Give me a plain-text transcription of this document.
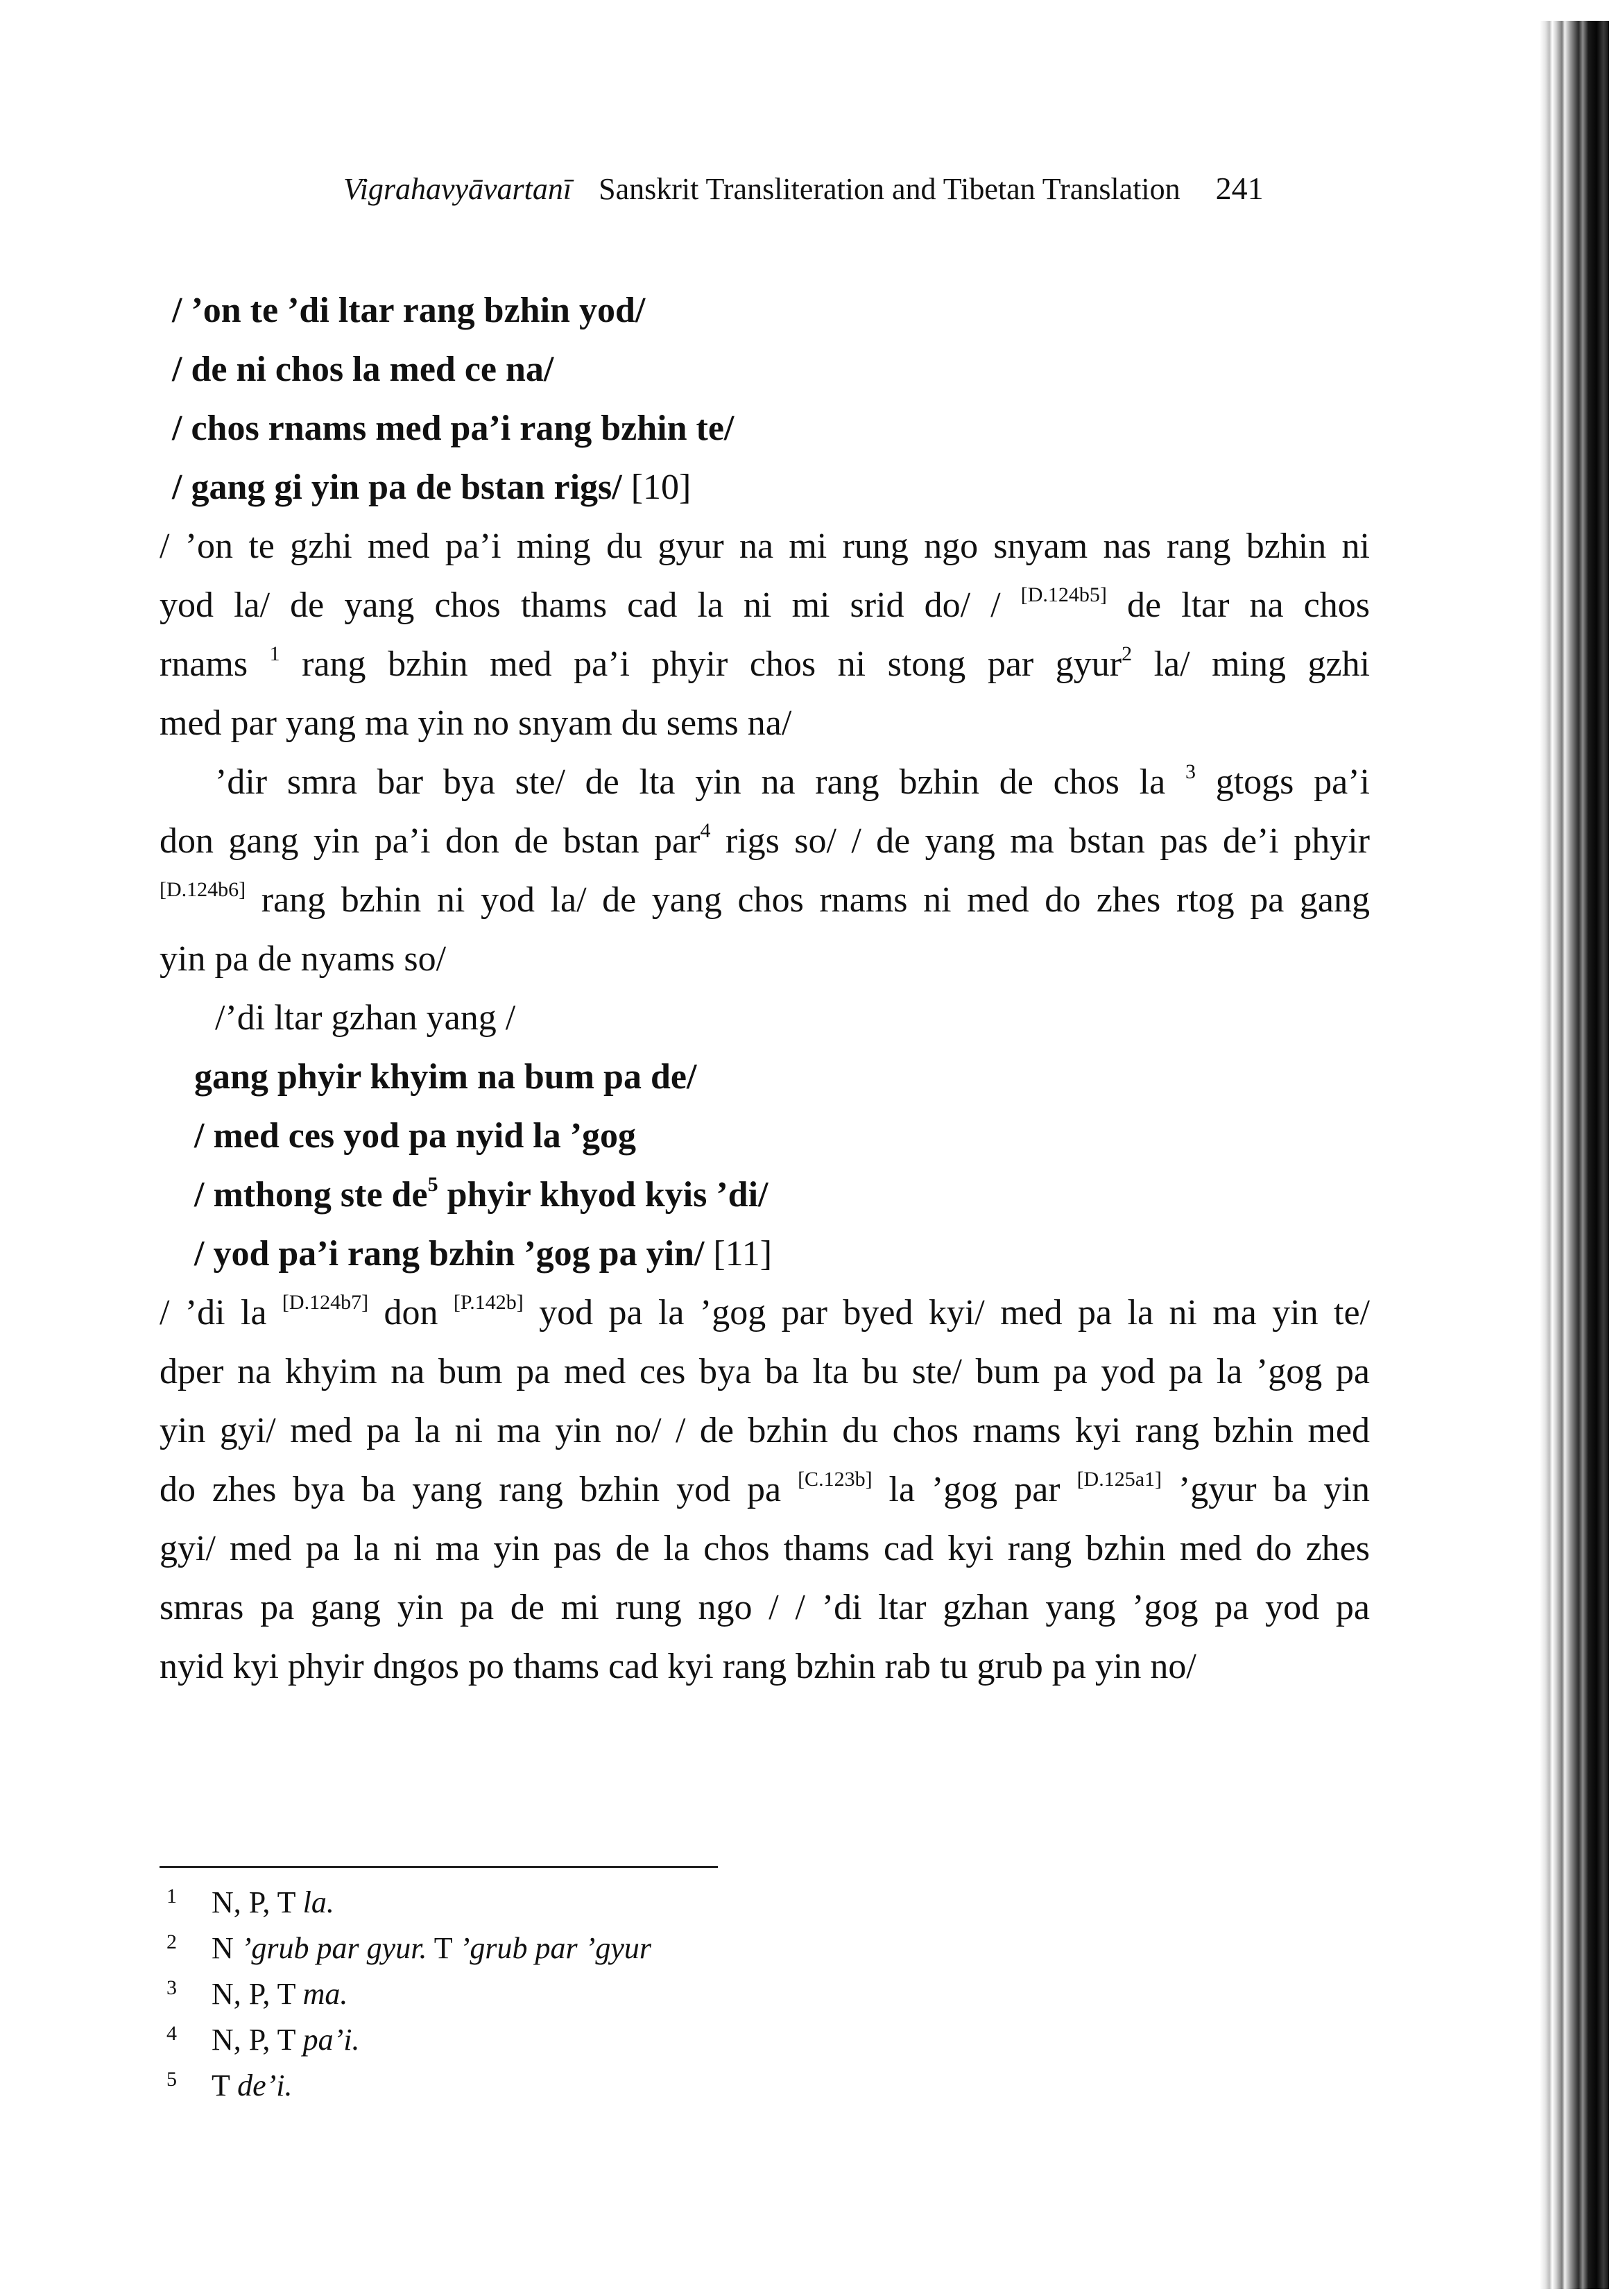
Vigrahavyāvartanī Sanskrit Transliteration and Tibetan Translation 241
/ ’on te ’di ltar rang bzhin yod/
/ de ni chos la med ce na/
/ chos rnams med pa’i rang bzhin te/
/ gang gi yin pa de bstan rigs/ [10]
/ ’on te gzhi med pa’i ming du gyur na mi rung ngo snyam nas rang bzhin ni
yod la/ de yang chos thams cad la ni mi srid do/ / [D.124b5] de ltar na chos
rnams $^1$ rang bzhin med pa’i phyir chos ni stong par gyur$^2$ la/ ming gzhi
med par yang ma yin no snyam du sems na/
’dir smra bar bya ste/ de lta yin na rang bzhin de chos la $^3$ gtogs pa’i
don gang yin pa’i don de bstan par$^4$ rigs so/ / de yang ma bstan pas de’i phyir
[D.124b6] rang bzhin ni yod la/ de yang chos rnams ni med do zhes rtog pa gang
yin pa de nyams so/
/’di ltar gzhan yang /
gang phyir khyim na bum pa de/
/ med ces yod pa nyid la ’gog
/ mthong ste $de^5$ phyir khyod kyis ’di/
/ yod pa’i rang bzhin ’gog pa yin/ [11]
/ ’di la [D.124b7] don [P.142b] yod pa la ’gog par byed kyi/ med pa la ni ma yin te/
dper na khyim na bum pa med ces bya ba lta bu ste/ bum pa yod pa la ’gog pa
yin gyi/ med pa la ni ma yin no/ / de bzhin du chos rnams kyi rang bzhin med
do zhes bya ba yang rang bzhin yod pa [C.123b] la ’gog par [D.125a1] ’gyur ba yin
gyi/ med pa la ni ma yin pas de la chos thams cad kyi rang bzhin med do zhes
smras pa gang yin pa de mi rung ngo / / ’di ltar gzhan yang ’gog pa yod pa
nyid kyi phyir dngos po thams cad kyi rang bzhin rab tu grub pa yin no/
1 N, P, T la.
2 N ’grub par gyur. T ’grub par ’gyur
3 N, P, T ma.
4 N, P, T pa’i.
5 T de’i.
